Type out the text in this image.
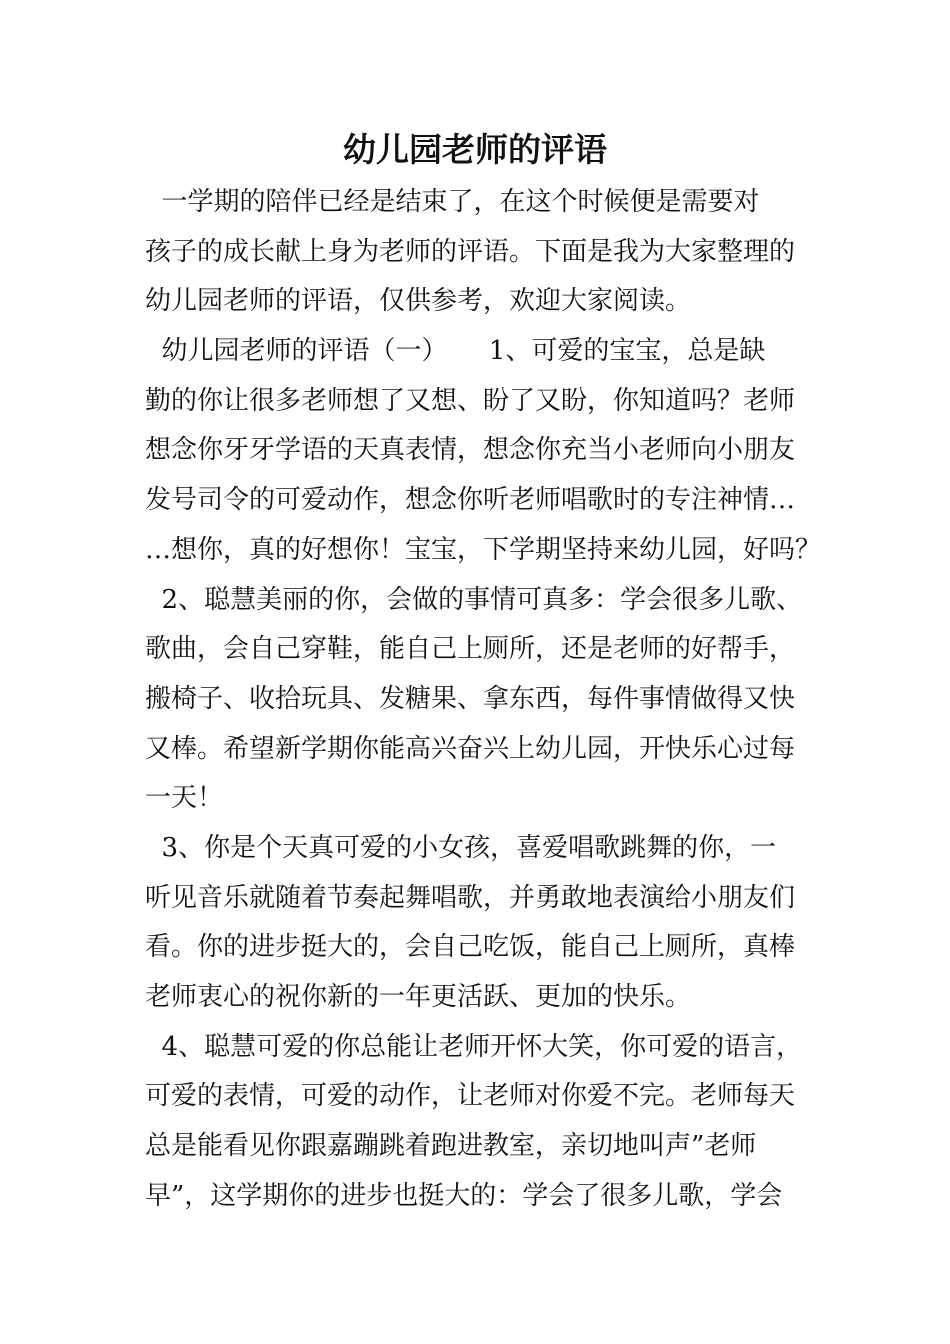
幼儿园老师的评语

一学期的陪伴已经是结束了，在这个时候便是需要对

孩子的成长献上身为老师的评语。下面是我为大家整理的

幼儿园老师的评语，仅供参考，欢迎大家阅读。

幼儿园老师的评语（一）     1、可爱的宝宝，总是缺

勤的你让很多老师想了又想、盼了又盼，你知道吗？老师

想念你牙牙学语的天真表情，想念你充当小老师向小朋友

发号司令的可爱动作，想念你听老师唱歌时的专注神情…

…想你，真的好想你！宝宝，下学期坚持来幼儿园，好吗？

2、聪慧美丽的你，会做的事情可真多：学会很多儿歌、

歌曲，会自己穿鞋，能自己上厕所，还是老师的好帮手，

搬椅子、收拾玩具、发糖果、拿东西，每件事情做得又快

又棒。希望新学期你能高兴奋兴上幼儿园，开快乐心过每

一天！

3、你是个天真可爱的小女孩，喜爱唱歌跳舞的你，一

听见音乐就随着节奏起舞唱歌，并勇敢地表演给小朋友们

看。你的进步挺大的，会自己吃饭，能自己上厕所，真棒

老师衷心的祝你新的一年更活跃、更加的快乐。

4、聪慧可爱的你总能让老师开怀大笑，你可爱的语言，

可爱的表情，可爱的动作，让老师对你爱不完。老师每天

总是能看见你跟嘉蹦跳着跑进教室，亲切地叫声”老师

早”，这学期你的进步也挺大的：学会了很多儿歌，学会
